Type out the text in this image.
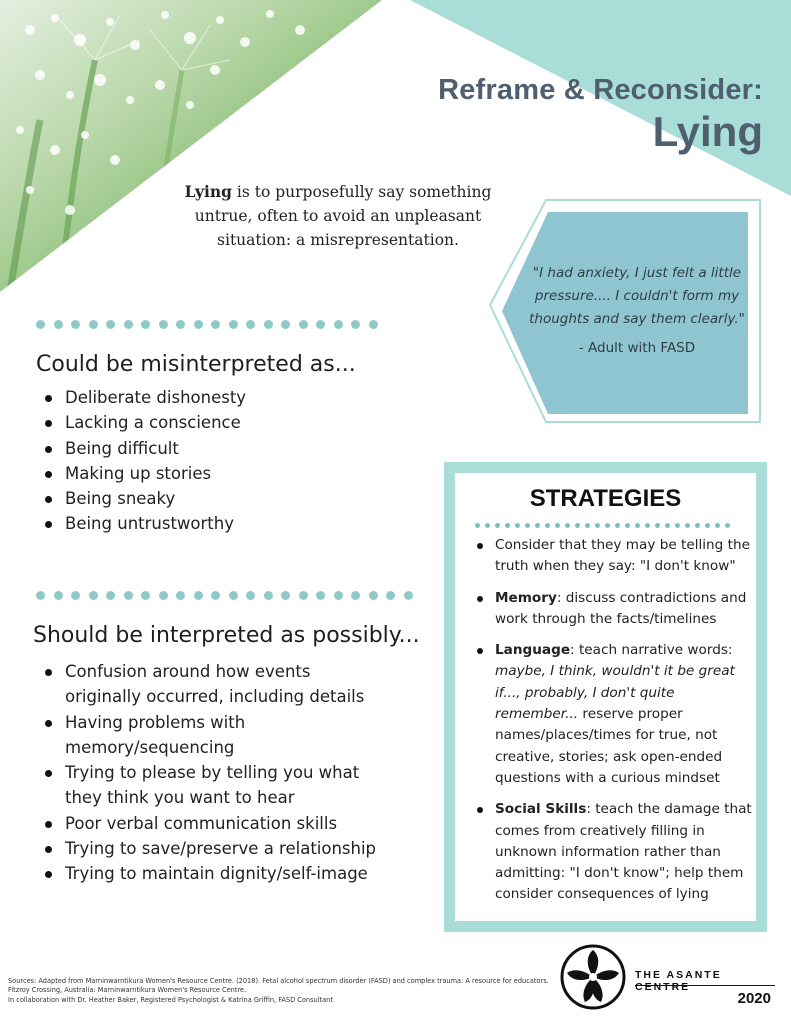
Reframe & Reconsider:
Lying

Lying is to purposefully say something untrue, often to avoid an unpleasant situation: a misrepresentation.

"I had anxiety, I just felt a little pressure.... I couldn't form my thoughts and say them clearly."
- Adult with FASD
Could be misinterpreted as...
Deliberate dishonesty
Lacking a conscience
Being difficult
Making up stories
Being sneaky
Being untrustworthy
Should be interpreted as possibly...
Confusion around how events originally occurred, including details
Having problems with memory/sequencing
Trying to please by telling you what they think you want to hear
Poor verbal communication skills
Trying to save/preserve a relationship
Trying to maintain dignity/self-image
STRATEGIES
Consider that they may be telling the truth when they say: "I don't know"
Memory: discuss contradictions and work through the facts/timelines
Language: teach narrative words: maybe, I think, wouldn't it be great if..., probably, I don't quite remember... reserve proper names/places/times for true, not creative, stories; ask open-ended questions with a curious mindset
Social Skills: teach the damage that comes from creatively filling in unknown information rather than admitting: "I don't know"; help them consider consequences of lying
Sources: Adapted from Marninwarntikura Women's Resource Centre. (2018). Fetal alcohol spectrum disorder (FASD) and complex trauma: A resource for educators. Fitzroy Crossing, Australia: Marninwarntikura Women's Resource Centre.
In collaboration with Dr. Heather Baker, Registered Psychologist & Katrina Griffin, FASD Consultant
THE ASANTE CENTRE
2020
